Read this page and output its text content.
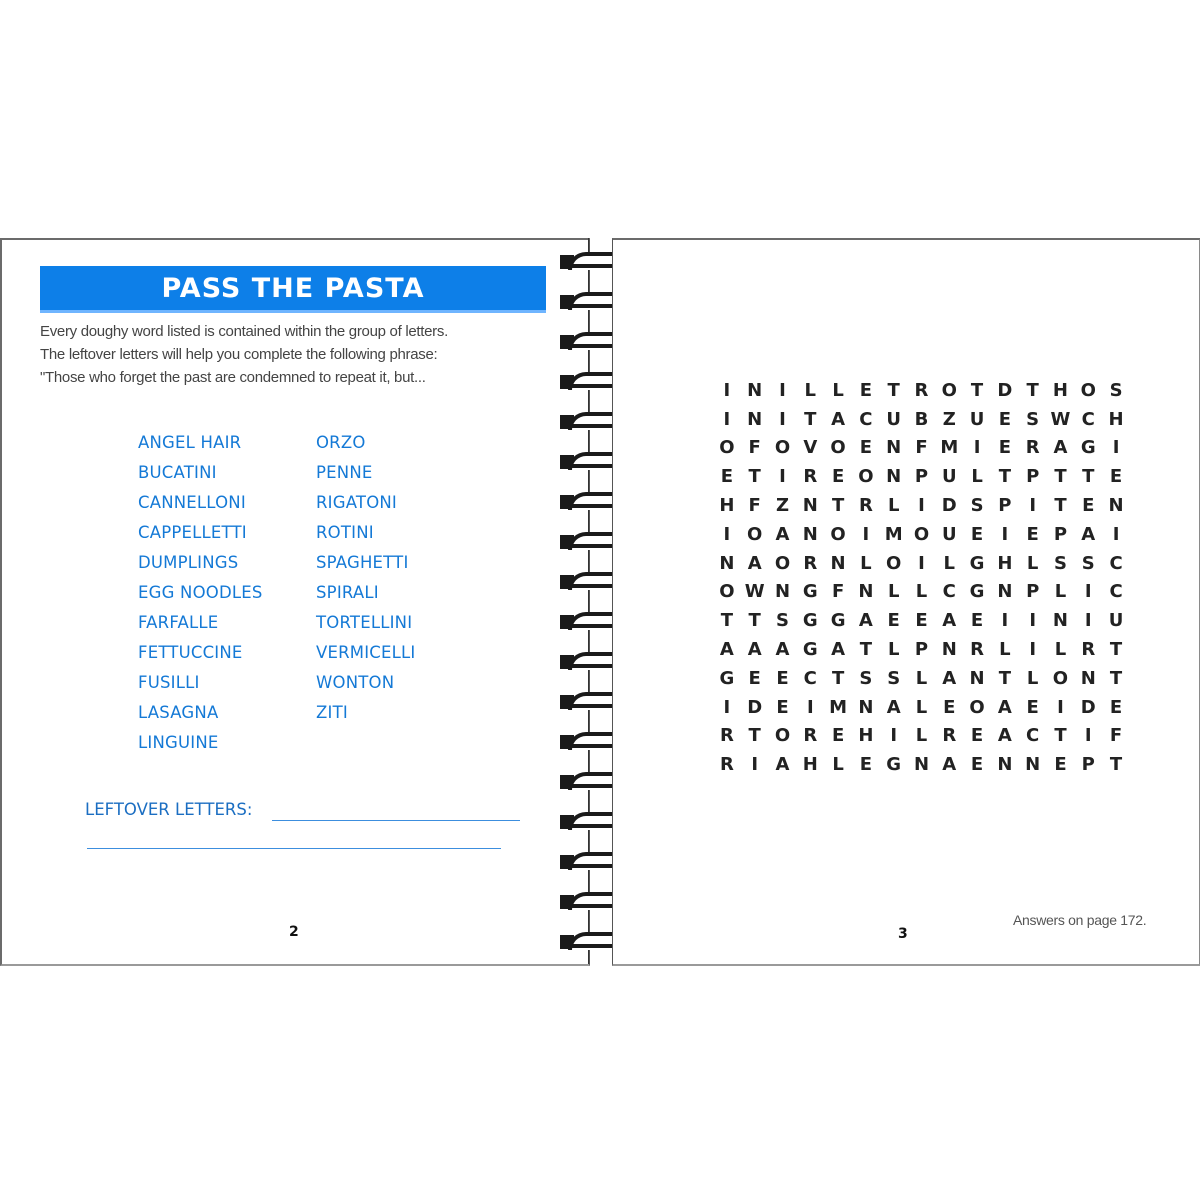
PASS THE PASTA
Every doughy word listed is contained within the group of letters.
The leftover letters will help you complete the following phrase:
"Those who forget the past are condemned to repeat it, but...
ANGEL HAIR
BUCATINI
CANNELLONI
CAPPELLETTI
DUMPLINGS
EGG NOODLES
FARFALLE
FETTUCCINE
FUSILLI
LASAGNA
LINGUINE
ORZO
PENNE
RIGATONI
ROTINI
SPAGHETTI
SPIRALI
TORTELLINI
VERMICELLI
WONTON
ZITI
LEFTOVER LETTERS:
2
I	N	I	L	L	E	T	R	O	T	D	T	H	O	S
I	N	I	T	A	C	U	B	Z	U	E	S	W	C	H
O	F	O	V	O	E	N	F	M	I	E	R	A	G	I
E	T	I	R	E	O	N	P	U	L	T	P	T	T	E
H	F	Z	N	T	R	L	I	D	S	P	I	T	E	N
I	O	A	N	O	I	M	O	U	E	I	E	P	A	I
N	A	O	R	N	L	O	I	L	G	H	L	S	S	C
O	W	N	G	F	N	L	L	C	G	N	P	L	I	C
T	T	S	G	G	A	E	E	A	E	I	I	N	I	U
A	A	A	G	A	T	L	P	N	R	L	I	L	R	T
G	E	E	C	T	S	S	L	A	N	T	L	O	N	T
I	D	E	I	M	N	A	L	E	O	A	E	I	D	E
R	T	O	R	E	H	I	L	R	E	A	C	T	I	F
R	I	A	H	L	E	G	N	A	E	N	N	E	P	T
3
Answers on page 172.
